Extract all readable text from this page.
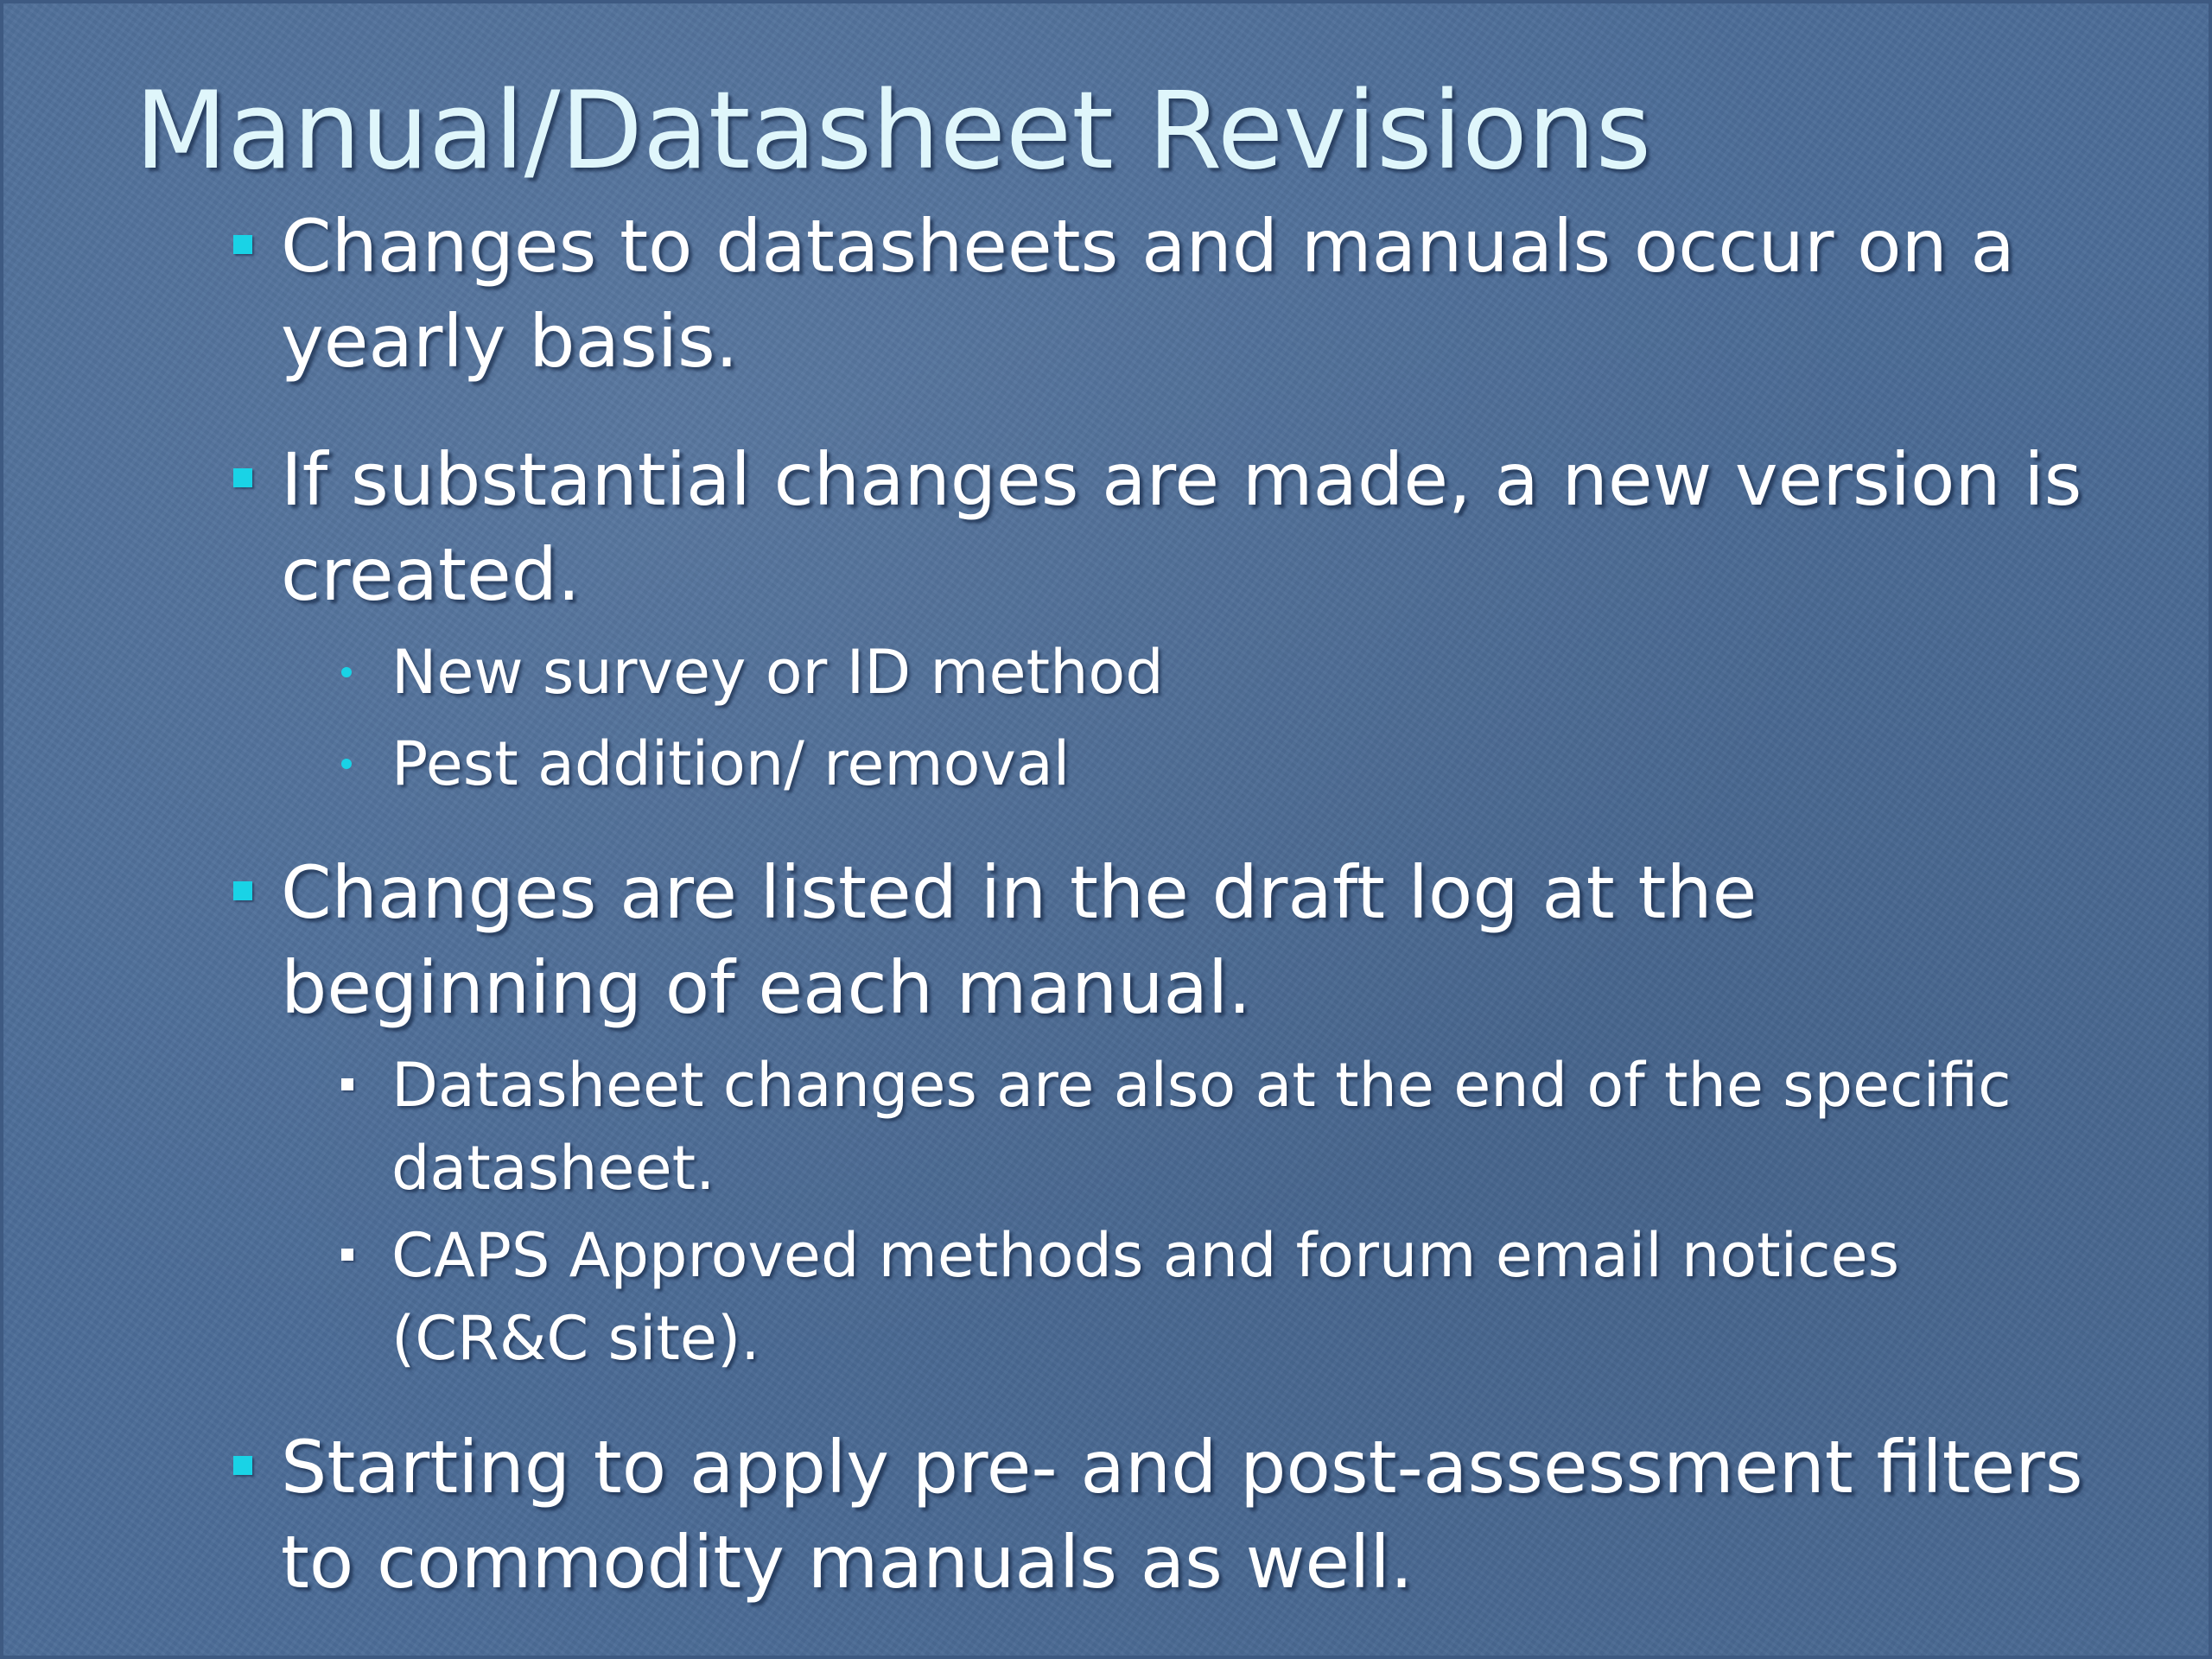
Manual/Datasheet Revisions
Changes to datasheets and manuals occur on a yearly basis.
If substantial changes are made, a new version is created.
New survey or ID method
Pest addition/ removal
Changes are listed in the draft log at the beginning of each manual.
Datasheet changes are also at the end of the specific datasheet.
CAPS Approved methods and forum email notices (CR&C site).
Starting to apply pre- and post-assessment filters to commodity manuals as well.
